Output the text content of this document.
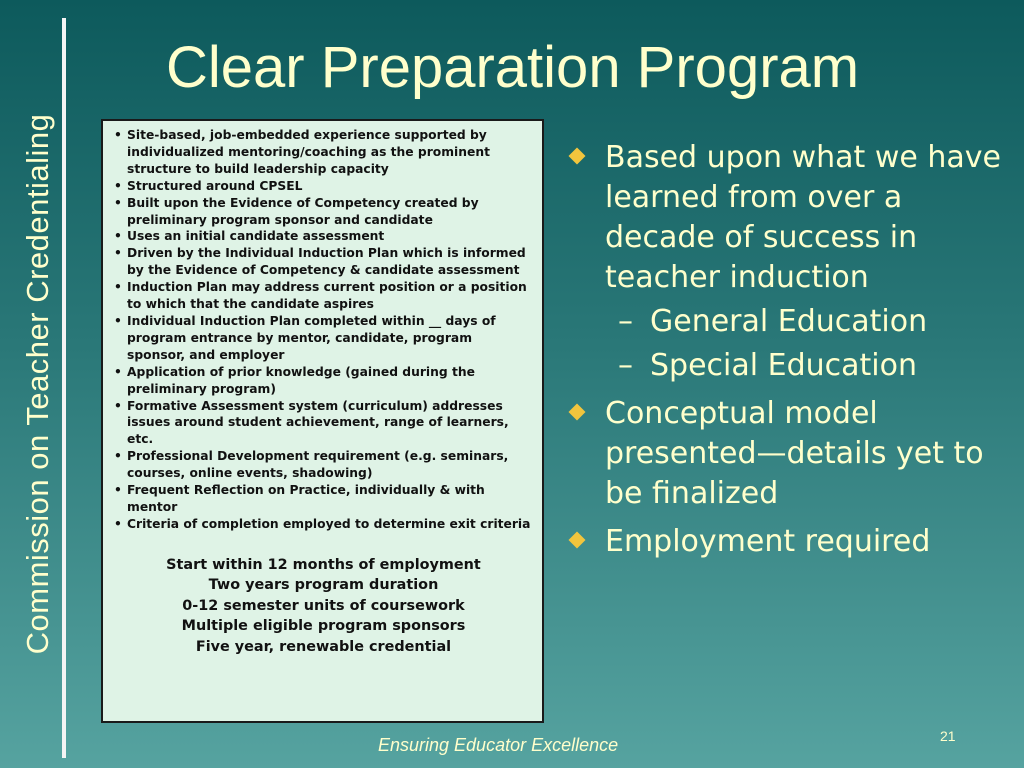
Commission on Teacher Credentialing
Clear Preparation Program
• Site-based, job-embedded experience supported by individualized mentoring/coaching as the prominent structure to build leadership capacity
• Structured around CPSEL
• Built upon the Evidence of Competency created by preliminary program sponsor and candidate
• Uses an initial candidate assessment
• Driven by the Individual Induction Plan which is informed by the Evidence of Competency & candidate assessment
• Induction Plan may address current position or a position to which that the candidate aspires
• Individual Induction Plan completed within __ days of program entrance by mentor, candidate, program sponsor, and employer
• Application of prior knowledge (gained during the preliminary program)
• Formative Assessment system (curriculum) addresses issues around student achievement, range of learners, etc.
• Professional Development requirement (e.g. seminars, courses, online events, shadowing)
• Frequent Reflection on Practice, individually & with mentor
• Criteria of completion employed to determine exit criteria
Start within 12 months of employment
Two years program duration
0-12 semester units of coursework
Multiple eligible program sponsors
Five year, renewable credential
Based upon what we have learned from over a decade of success in teacher induction
– General Education
– Special Education
Conceptual model presented—details yet to be finalized
Employment required
Ensuring Educator Excellence	21
